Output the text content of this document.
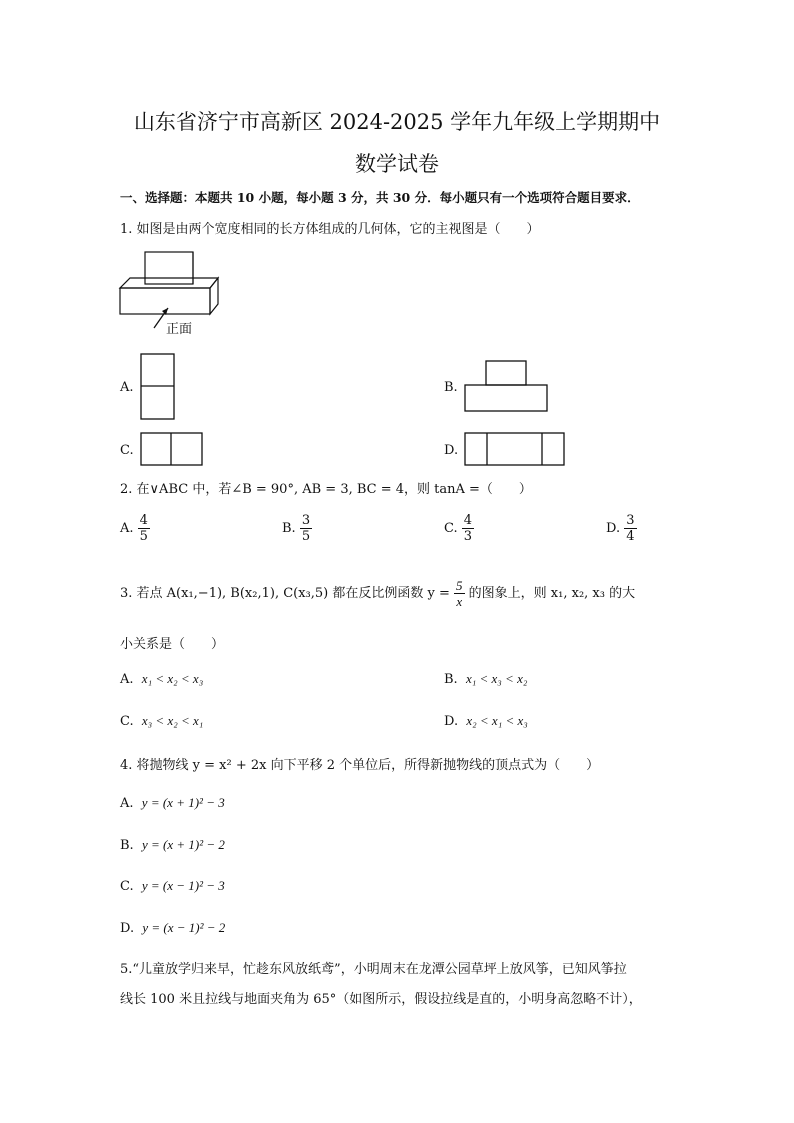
山东省济宁市高新区 2024-2025 学年九年级上学期期中
数学试卷
一、选择题：本题共 10 小题，每小题 3 分，共 30 分．每小题只有一个选项符合题目要求．
1. 如图是由两个宽度相同的长方体组成的几何体，它的主视图是（　　）
正面
A.	B.
C.	D.
2. 在∨ABC 中，若∠B = 90°, AB = 3, BC = 4，则 tanA =（　　）
A. $\frac{4}{5}$	B. $\frac{3}{5}$	C. $\frac{4}{3}$	D. $\frac{3}{4}$
3. 若点 A(x₁,−1), B(x₂,1), C(x₃,5) 都在反比例函数 $y = \frac{5}{x}$ 的图象上，则 x₁, x₂, x₃ 的大
小关系是（　　）
A. x₁ < x₂ < x₃	B. x₁ < x₃ < x₂
C. x₃ < x₂ < x₁	D. x₂ < x₁ < x₃
4. 将抛物线 y = x² + 2x 向下平移 2 个单位后，所得新抛物线的顶点式为（　　）
A. y = (x + 1)² − 3
B. y = (x + 1)² − 2
C. y = (x − 1)² − 3
D. y = (x − 1)² − 2
5.“儿童放学归来早，忙趁东风放纸鸢”，小明周末在龙潭公园草坪上放风筝，已知风筝拉
线长 100 米且拉线与地面夹角为 65°（如图所示，假设拉线是直的，小明身高忽略不计），
